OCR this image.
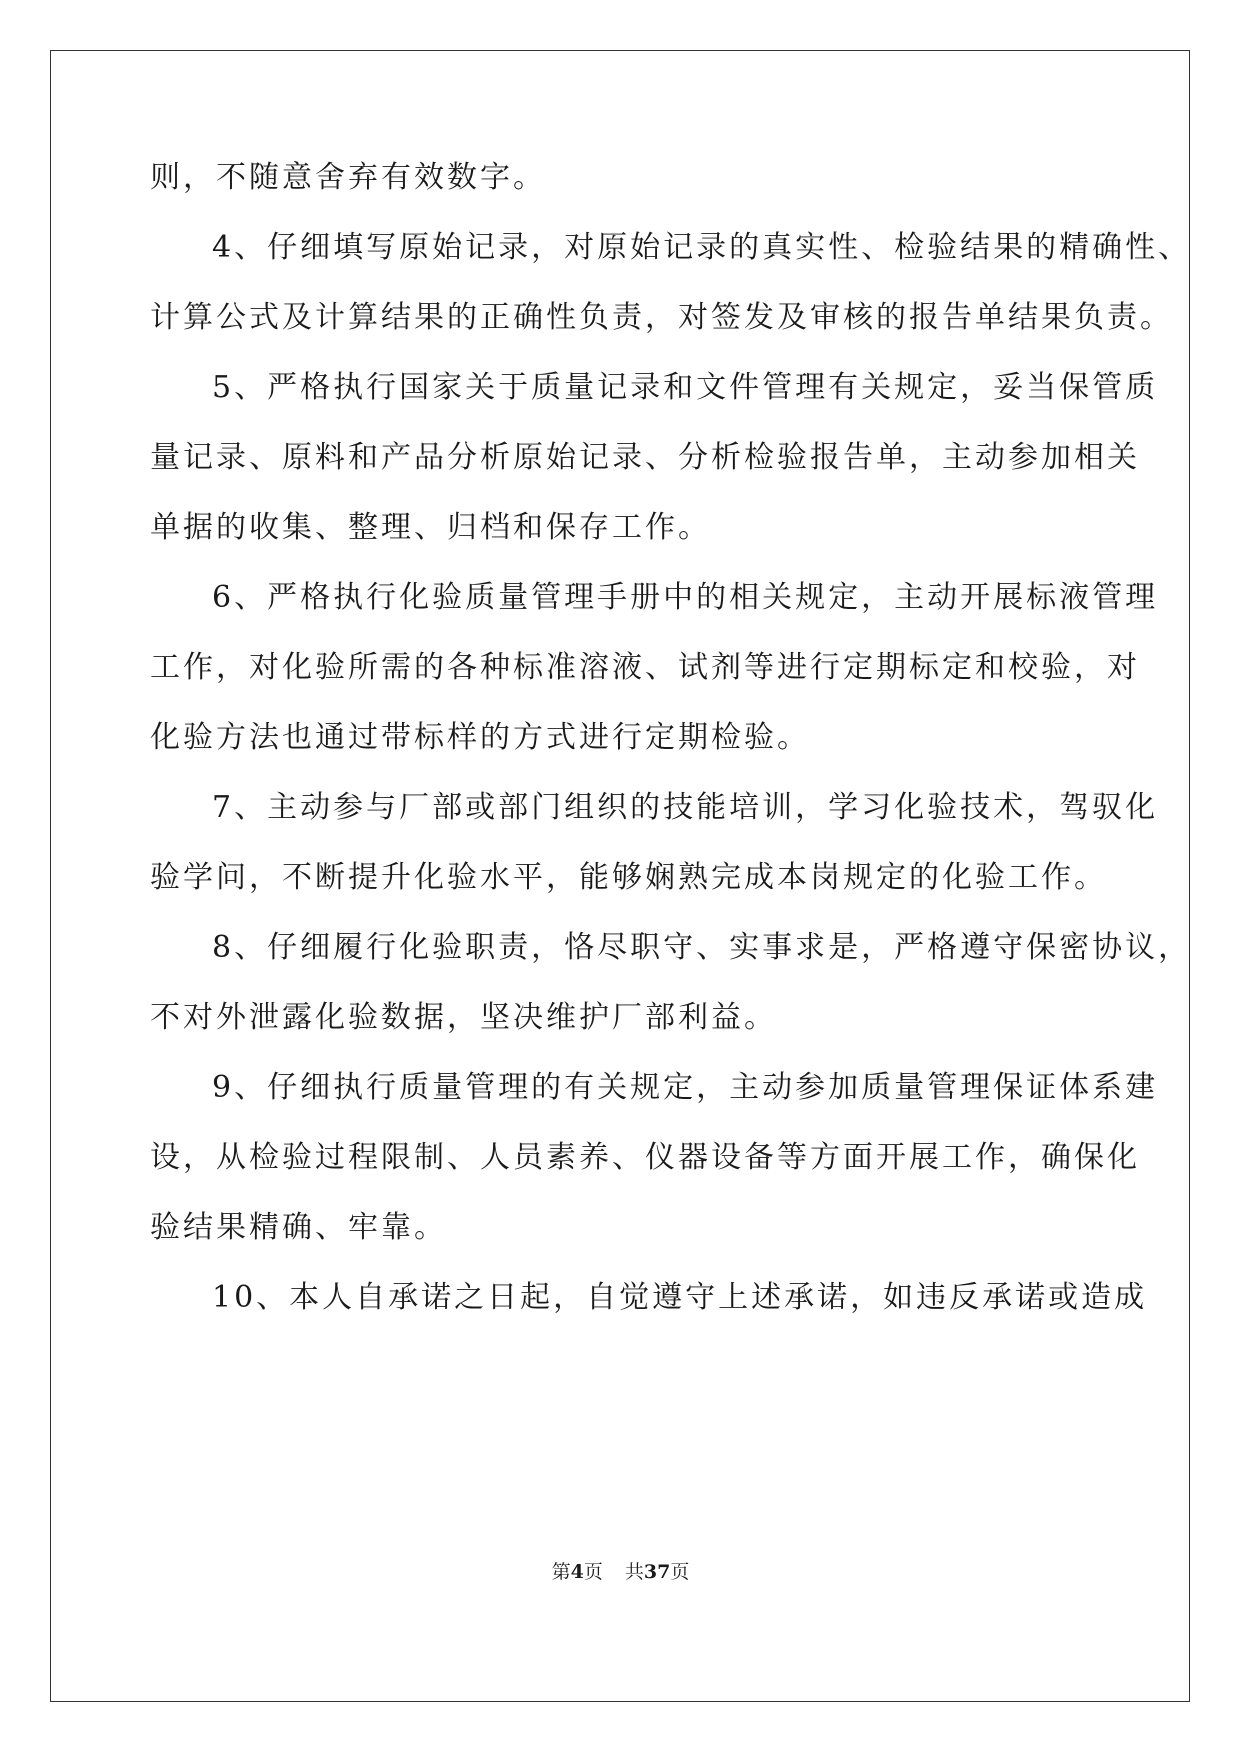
则，不随意舍弃有效数字。
4、仔细填写原始记录，对原始记录的真实性、检验结果的精确性、
计算公式及计算结果的正确性负责，对签发及审核的报告单结果负责。
5、严格执行国家关于质量记录和文件管理有关规定，妥当保管质
量记录、原料和产品分析原始记录、分析检验报告单，主动参加相关
单据的收集、整理、归档和保存工作。
6、严格执行化验质量管理手册中的相关规定，主动开展标液管理
工作，对化验所需的各种标准溶液、试剂等进行定期标定和校验，对
化验方法也通过带标样的方式进行定期检验。
7、主动参与厂部或部门组织的技能培训，学习化验技术，驾驭化
验学问，不断提升化验水平，能够娴熟完成本岗规定的化验工作。
8、仔细履行化验职责，恪尽职守、实事求是，严格遵守保密协议，
不对外泄露化验数据，坚决维护厂部利益。
9、仔细执行质量管理的有关规定，主动参加质量管理保证体系建
设，从检验过程限制、人员素养、仪器设备等方面开展工作，确保化
验结果精确、牢靠。
10、本人自承诺之日起，自觉遵守上述承诺，如违反承诺或造成
第4页 共37页
